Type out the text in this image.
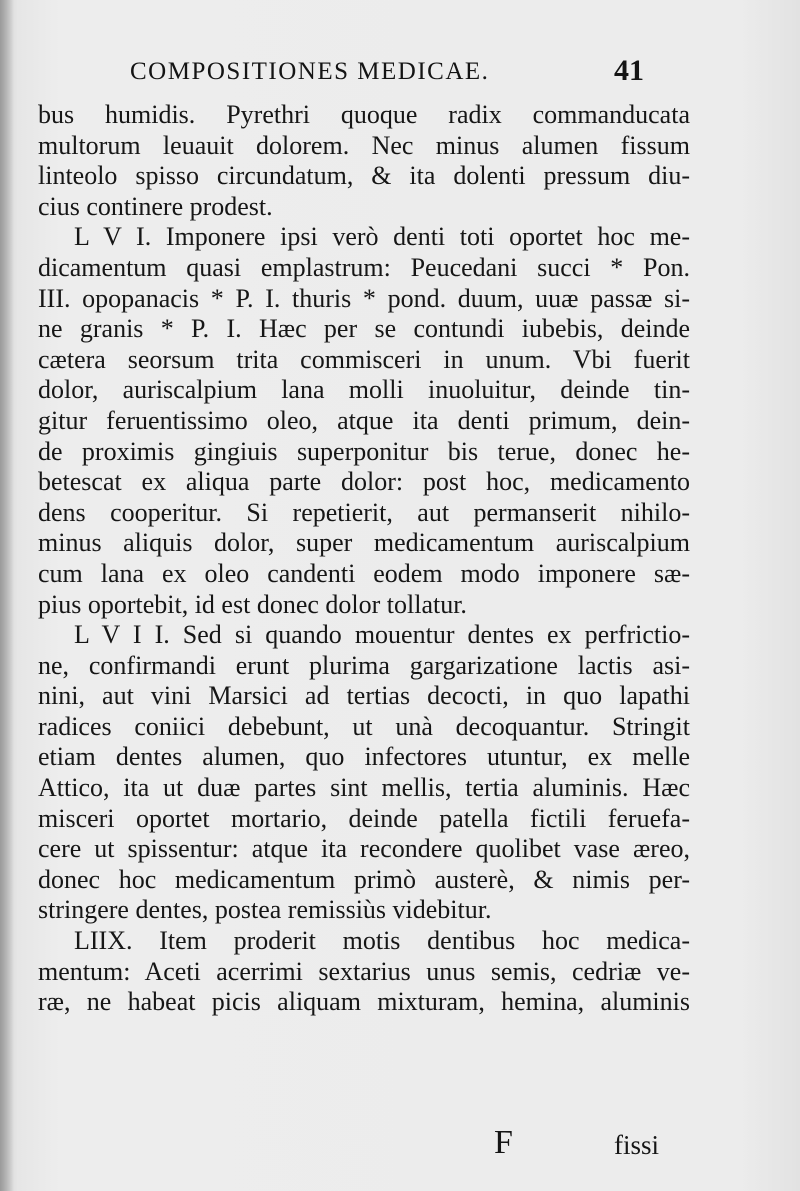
COMPOSITIONES MEDICAE.	41
bus humidis. Pyrethri quoque radix commanducata
multorum leuauit dolorem. Nec minus alumen fissum
linteolo spisso circundatum, & ita dolenti pressum diu-
cius continere prodest.
L V I. Imponere ipsi verò denti toti oportet hoc me-
dicamentum quasi emplastrum: Peucedani succi * Pon.
III. opopanacis * P. I. thuris * pond. duum, uuæ passæ si-
ne granis * P. I. Hæc per se contundi iubebis, deinde
cætera seorsum trita commisceri in unum. Vbi fuerit
dolor, auriscalpium lana molli inuoluitur, deinde tin-
gitur feruentissimo oleo, atque ita denti primum, dein-
de proximis gingiuis superponitur bis terue, donec he-
betescat ex aliqua parte dolor: post hoc, medicamento
dens cooperitur. Si repetierit, aut permanserit nihilo-
minus aliquis dolor, super medicamentum auriscalpium
cum lana ex oleo candenti eodem modo imponere sæ-
pius oportebit, id est donec dolor tollatur.
L V I I. Sed si quando mouentur dentes ex perfrictio-
ne, confirmandi erunt plurima gargarizatione lactis asi-
nini, aut vini Marsici ad tertias decocti, in quo lapathi
radices coniici debebunt, ut unà decoquantur. Stringit
etiam dentes alumen, quo infectores utuntur, ex melle
Attico, ita ut duæ partes sint mellis, tertia aluminis. Hæc
misceri oportet mortario, deinde patella fictili feruefa-
cere ut spissentur: atque ita recondere quolibet vase æreo,
donec hoc medicamentum primò austerè, & nimis per-
stringere dentes, postea remissiùs videbitur.
LIIX. Item proderit motis dentibus hoc medica-
mentum: Aceti acerrimi sextarius unus semis, cedriæ ve-
ræ, ne habeat picis aliquam mixturam, hemina, aluminis
F	fissi
